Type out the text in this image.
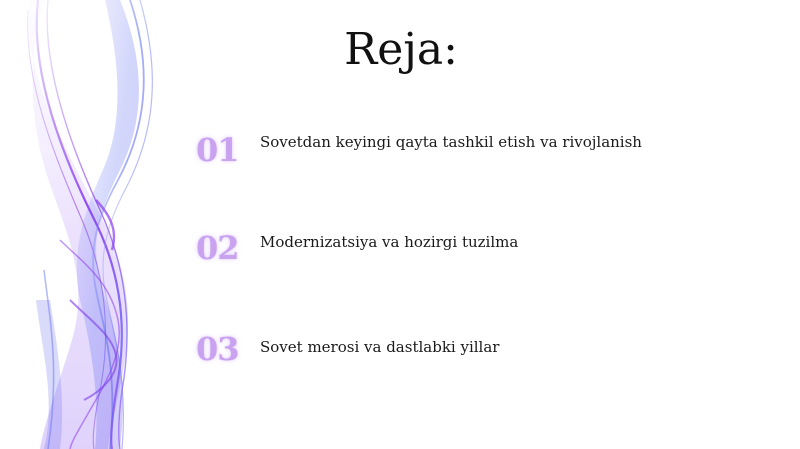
Reja:
01	Sovetdan keyingi qayta tashkil etish va rivojlanish
02	Modernizatsiya va hozirgi tuzilma
03	Sovet merosi va dastlabki yillar
